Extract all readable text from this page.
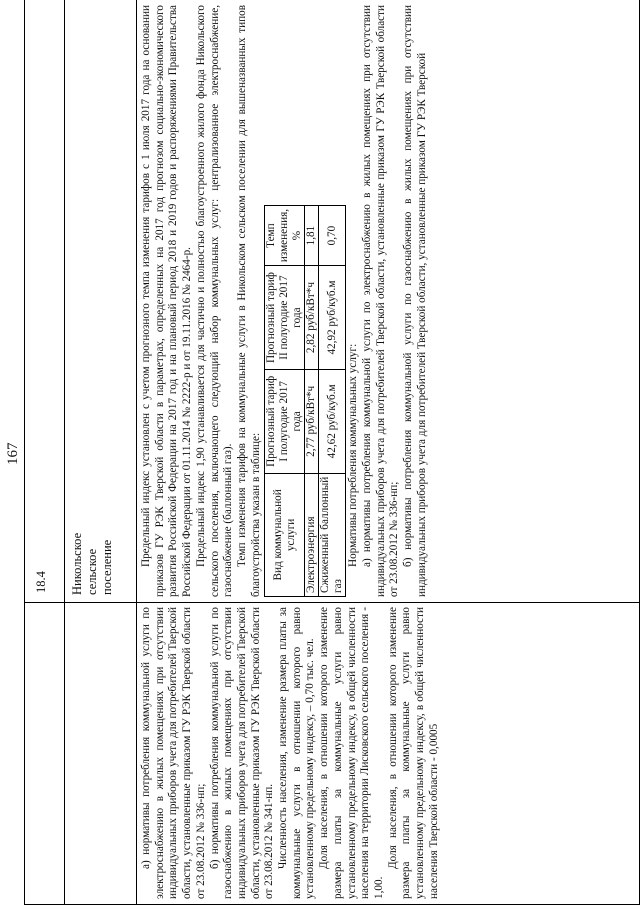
167

а) нормативы потребления коммунальной услуги по электроснабжению в жилых помещениях при отсутствии индивидуальных приборов учета для потребителей Тверской области, установленные приказом ГУ РЭК Тверской области от 23.08.2012 № 336-нп; б) нормативы потребления коммунальной услуги по газоснабжению в жилых помещениях при отсутствии индивидуальных приборов учета для потребителей Тверской области, установленные приказом ГУ РЭК Тверской области от 23.08.2012 № 341-нп. Численность населения, изменение размера платы за коммунальные услуги в отношении которого равно установленному предельному индексу, – 0,70 тыс. чел. Доля населения, в отношении которого изменение размера платы за коммунальные услуги равно установленному предельному индексу, в общей численности населения на территории Лисковского сельского поселения - 1,00.

Доля населения, в отношении которого изменение размера платы за коммунальные услуги равно установленному предельному индексу, в общей численности населения Тверской области - 0,0005

18.4 Никольское сельское поселение

Предельный индекс установлен с учетом прогнозного темпа изменения тарифов с 1 июля 2017 года на основании приказов ГУ РЭК Тверской области в параметрах, определенных на 2017 год прогнозом социально-экономического развития Российской Федерации на 2017 год и на плановый период 2018 и 2019 годов и распоряжениями Правительства Российской Федерации от 01.11.2014 № 2222-р и от 19.11.2016 № 2464-р. Предельный индекс 1,90 устанавливается для частично и полностью благоустроенного жилого фонда Никольского сельского поселения, включающего следующий набор коммунальных услуг: централизованное электроснабжение, газоснабжение (баллонный газ). Темп изменения тарифов на коммунальные услуги в Никольском сельском поселении для вышеназванных типов благоустройства указан в таблице: Вид коммунальной услуги	Прогнозный тариф I полугодие 2017 года	Прогнозный тариф II полугодие 2017 года	Темп изменения, %
Электроэнергия	2,77 руб/кВт*ч	2,82 руб/кВт*ч	1,81
Сжиженный баллонный газ	42,62 руб/куб.м	42,92 руб/куб.м	0,70

Нормативы потребления коммунальных услуг: а) нормативы потребления коммунальной услуги по электроснабжению в жилых помещениях при отсутствии индивидуальных приборов учета для потребителей Тверской области, установленные приказом ГУ РЭК Тверской области от 23.08.2012 № 336-нп; б) нормативы потребления коммунальной услуги по газоснабжению в жилых помещениях при отсутствии индивидуальных приборов учета для потребителей Тверской области, установленные приказом ГУ РЭК Тверской
